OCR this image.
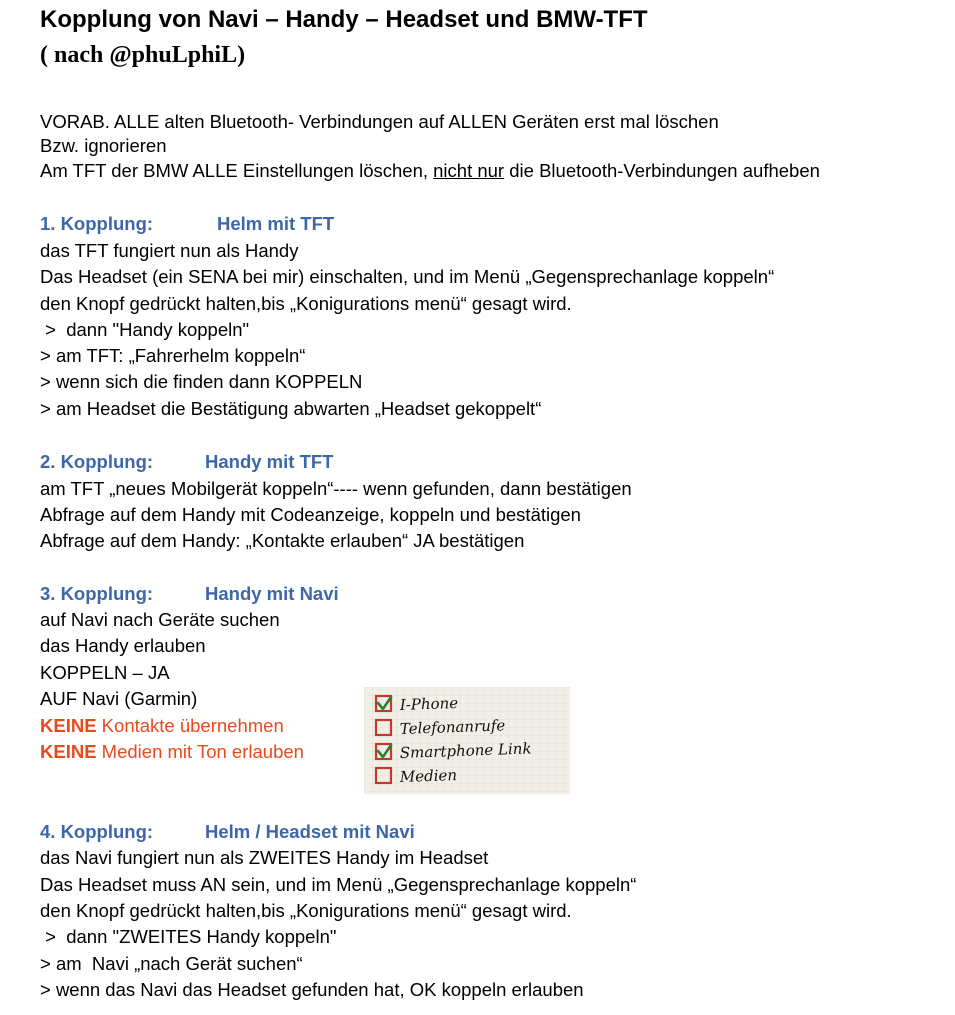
Kopplung von Navi – Handy – Headset und BMW-TFT
( nach @phuLphiL)
VORAB. ALLE alten Bluetooth- Verbindungen auf ALLEN Geräten erst mal löschen
Bzw. ignorieren
Am TFT der BMW ALLE Einstellungen löschen, nicht nur die Bluetooth-Verbindungen aufheben
1. Kopplung:	Helm mit TFT
das TFT fungiert nun als Handy
Das Headset (ein SENA bei mir) einschalten, und im Menü „Gegensprechanlage koppeln“
den Knopf gedrückt halten,bis „Konigurations menü“ gesagt wird.
>  dann "Handy koppeln"
> am TFT: „Fahrerhelm koppeln“
> wenn sich die finden dann KOPPELN
> am Headset die Bestätigung abwarten „Headset gekoppelt“
2. Kopplung:	Handy mit TFT
am TFT „neues Mobilgerät koppeln“---- wenn gefunden, dann bestätigen
Abfrage auf dem Handy mit Codeanzeige, koppeln und bestätigen
Abfrage auf dem Handy: „Kontakte erlauben“ JA bestätigen
3. Kopplung:	Handy mit Navi
auf Navi nach Geräte suchen
das Handy erlauben
KOPPELN – JA
AUF Navi (Garmin)
KEINE Kontakte übernehmen
KEINE Medien mit Ton erlauben
I-Phone
Telefonanrufe
Smartphone Link
Medien
4. Kopplung:	Helm / Headset mit Navi
das Navi fungiert nun als ZWEITES Handy im Headset
Das Headset muss AN sein, und im Menü „Gegensprechanlage koppeln“
den Knopf gedrückt halten,bis „Konigurations menü“ gesagt wird.
>  dann "ZWEITES Handy koppeln"
> am  Navi „nach Gerät suchen“
> wenn das Navi das Headset gefunden hat, OK koppeln erlauben
